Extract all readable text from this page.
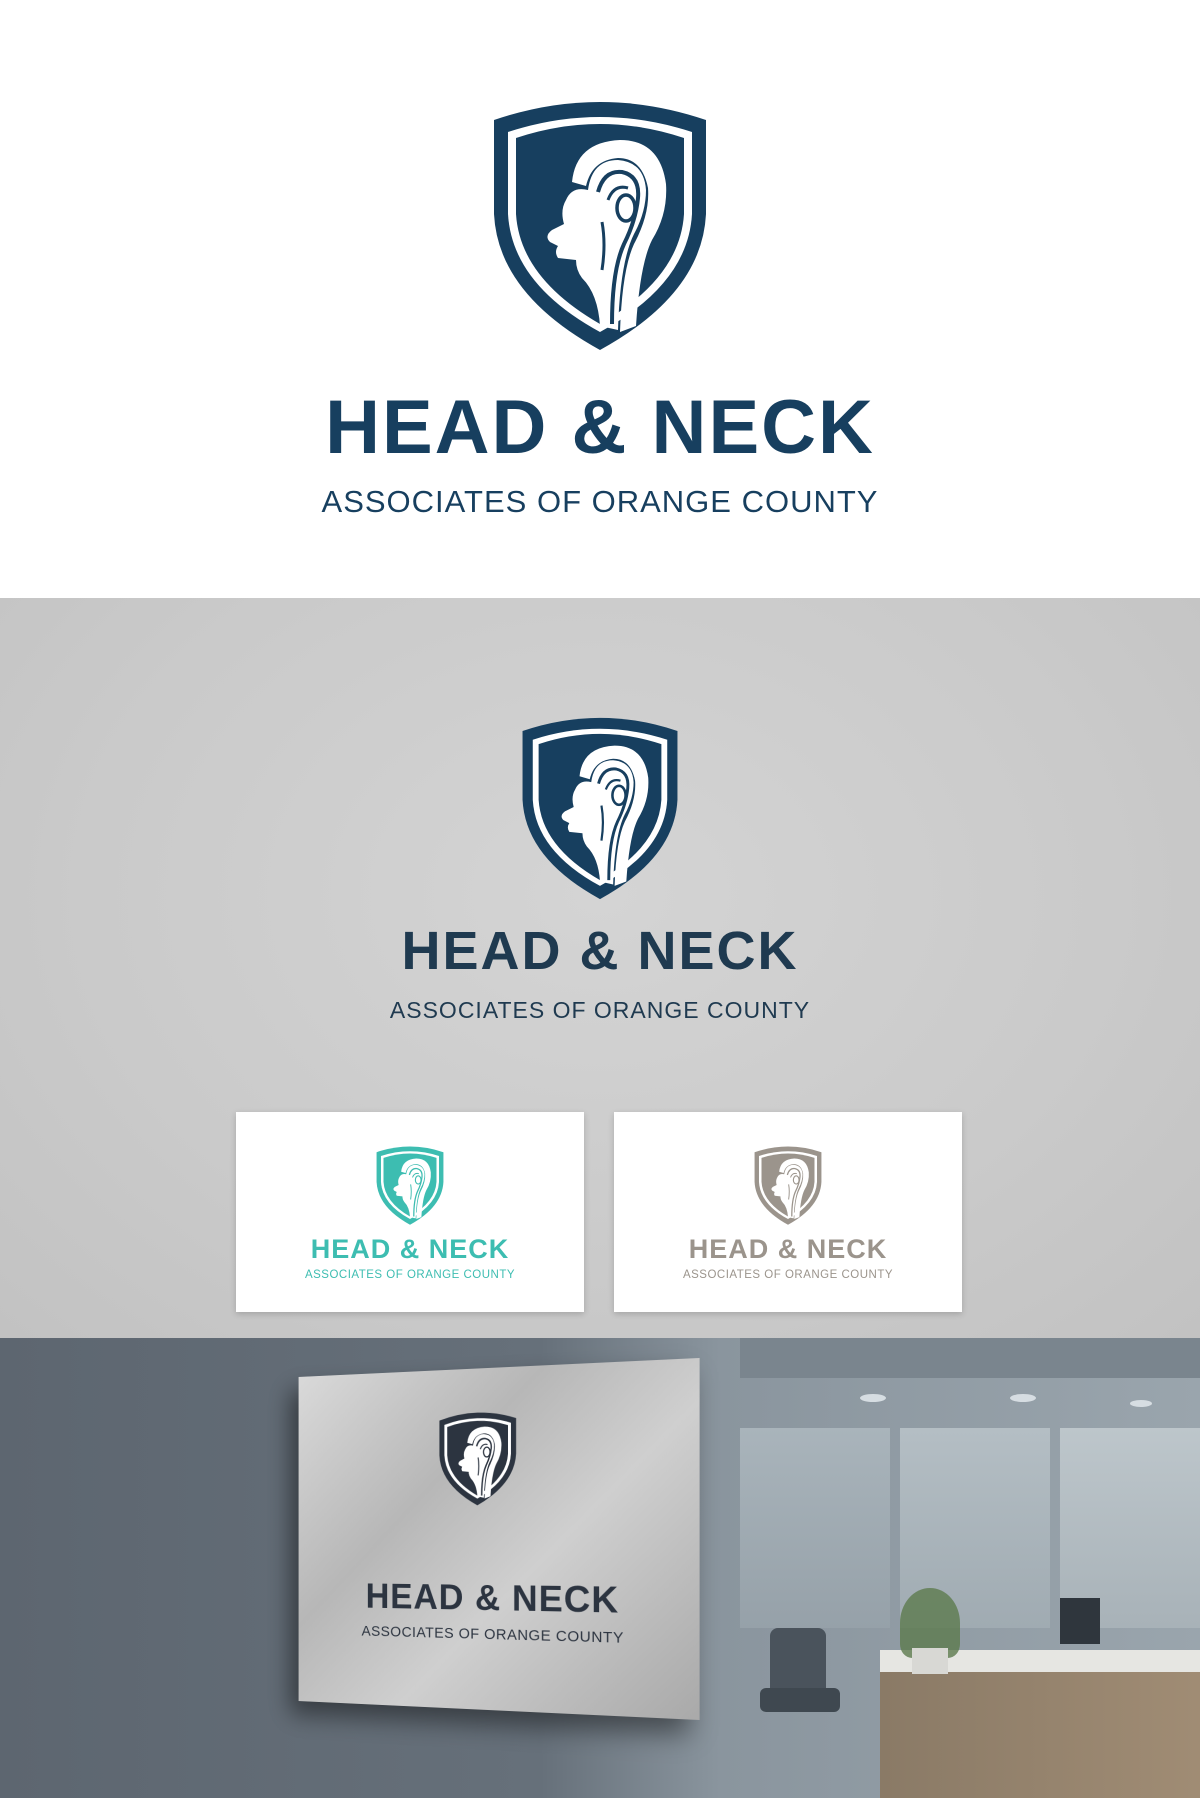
HEAD & NECK
ASSOCIATES OF ORANGE COUNTY
HEAD & NECK
ASSOCIATES OF ORANGE COUNTY
HEAD & NECK
ASSOCIATES OF ORANGE COUNTY
HEAD & NECK
ASSOCIATES OF ORANGE COUNTY
HEAD & NECK
ASSOCIATES OF ORANGE COUNTY
